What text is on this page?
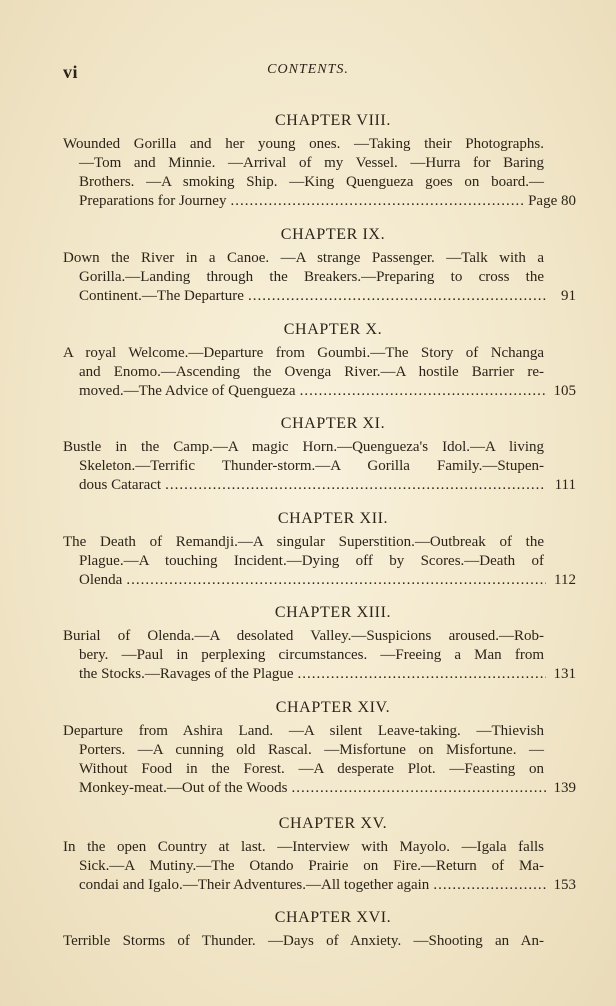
vi	CONTENTS.
CHAPTER VIII.
Wounded Gorilla and her young ones. —Taking their Photographs.
—Tom and Minnie. —Arrival of my Vessel. —Hurra for Baring
Brothers. —A smoking Ship. —King Quengueza goes on board.—
Preparations for Journey .....	Page 80
CHAPTER IX.
Down the River in a Canoe. —A strange Passenger. —Talk with a
Gorilla.—Landing through the Breakers.—Preparing to cross the
Continent.—The Departure .....	91
CHAPTER X.
A royal Welcome.—Departure from Goumbi.—The Story of Nchanga
and Enomo.—Ascending the Ovenga River.—A hostile Barrier re-
moved.—The Advice of Quengueza .....	105
CHAPTER XI.
Bustle in the Camp.—A magic Horn.—Quengueza's Idol.—A living
Skeleton.—Terrific Thunder-storm.—A Gorilla Family.—Stupen-
dous Cataract .....	111
CHAPTER XII.
The Death of Remandji.—A singular Superstition.—Outbreak of the
Plague.—A touching Incident.—Dying off by Scores.—Death of
Olenda .....	112
CHAPTER XIII.
Burial of Olenda.—A desolated Valley.—Suspicions aroused.—Rob-
bery. —Paul in perplexing circumstances. —Freeing a Man from
the Stocks.—Ravages of the Plague .....	131
CHAPTER XIV.
Departure from Ashira Land. —A silent Leave-taking. —Thievish
Porters. —A cunning old Rascal. —Misfortune on Misfortune. —
Without Food in the Forest. —A desperate Plot. —Feasting on
Monkey-meat.—Out of the Woods .....	139
CHAPTER XV.
In the open Country at last. —Interview with Mayolo. —Igala falls
Sick.—A Mutiny.—The Otando Prairie on Fire.—Return of Ma-
condai and Igalo.—Their Adventures.—All together again .....	153
CHAPTER XVI.
Terrible Storms of Thunder. —Days of Anxiety. —Shooting an An-
